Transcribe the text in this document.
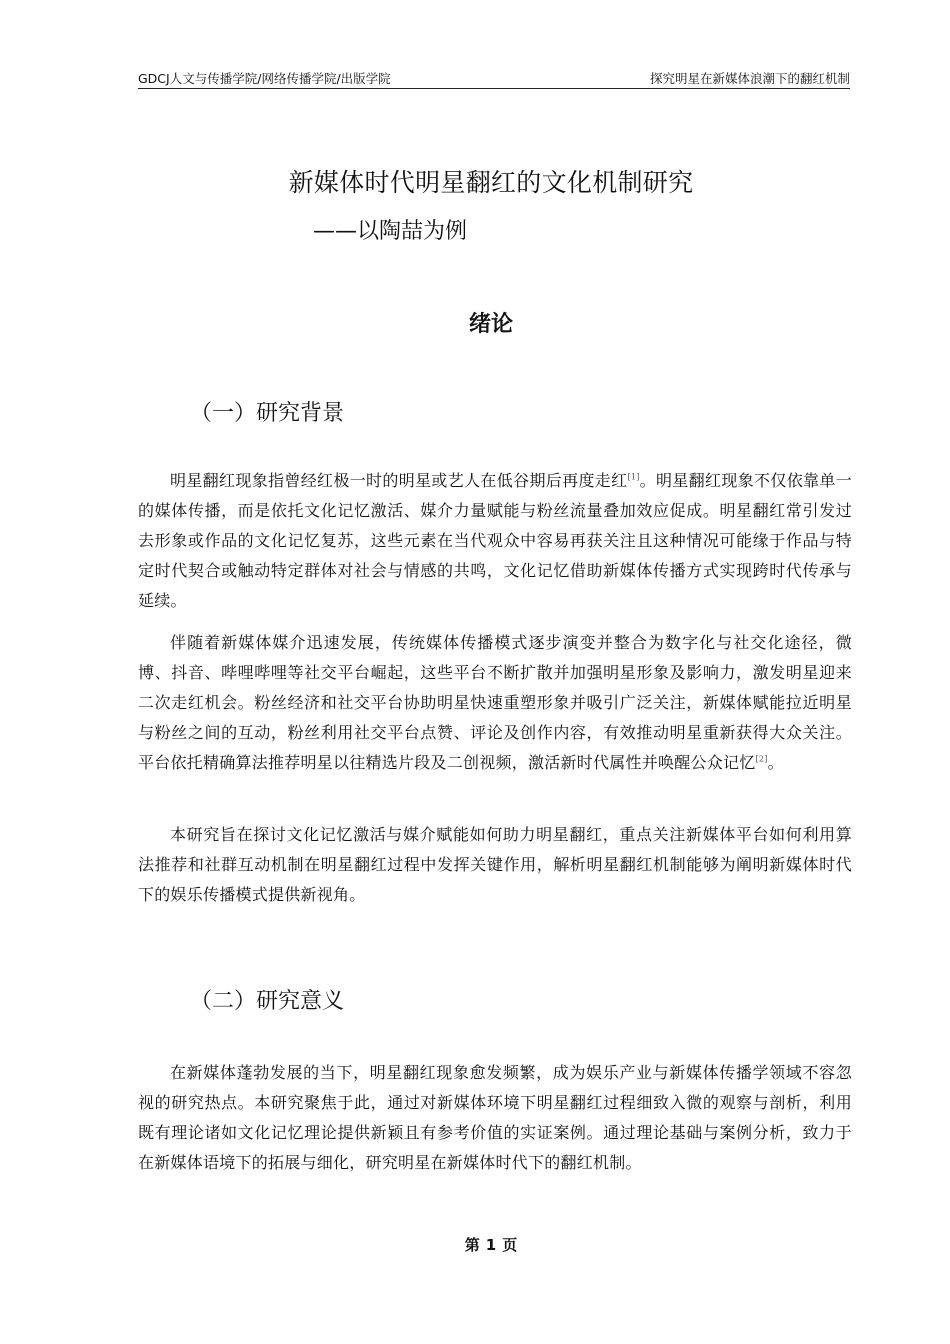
GDCJ人文与传播学院/网络传播学院/出版学院	探究明星在新媒体浪潮下的翻红机制
新媒体时代明星翻红的文化机制研究
——以陶喆为例
绪论
（一）研究背景

明星翻红现象指曾经红极一时的明星或艺人在低谷期后再度走红[1]。明星翻红现象不仅依靠单一的媒体传播，而是依托文化记忆激活、媒介力量赋能与粉丝流量叠加效应促成。明星翻红常引发过去形象或作品的文化记忆复苏，这些元素在当代观众中容易再获关注且这种情况可能缘于作品与特定时代契合或触动特定群体对社会与情感的共鸣，文化记忆借助新媒体传播方式实现跨时代传承与延续。

伴随着新媒体媒介迅速发展，传统媒体传播模式逐步演变并整合为数字化与社交化途径，微博、抖音、哔哩哔哩等社交平台崛起，这些平台不断扩散并加强明星形象及影响力，激发明星迎来二次走红机会。粉丝经济和社交平台协助明星快速重塑形象并吸引广泛关注，新媒体赋能拉近明星与粉丝之间的互动，粉丝利用社交平台点赞、评论及创作内容，有效推动明星重新获得大众关注。平台依托精确算法推荐明星以往精选片段及二创视频，激活新时代属性并唤醒公众记忆[2]。

本研究旨在探讨文化记忆激活与媒介赋能如何助力明星翻红，重点关注新媒体平台如何利用算法推荐和社群互动机制在明星翻红过程中发挥关键作用，解析明星翻红机制能够为阐明新媒体时代下的娱乐传播模式提供新视角。

（二）研究意义

在新媒体蓬勃发展的当下，明星翻红现象愈发频繁，成为娱乐产业与新媒体传播学领域不容忽视的研究热点。本研究聚焦于此，通过对新媒体环境下明星翻红过程细致入微的观察与剖析，利用既有理论诸如文化记忆理论提供新颖且有参考价值的实证案例。通过理论基础与案例分析，致力于在新媒体语境下的拓展与细化，研究明星在新媒体时代下的翻红机制。

第 1 页
